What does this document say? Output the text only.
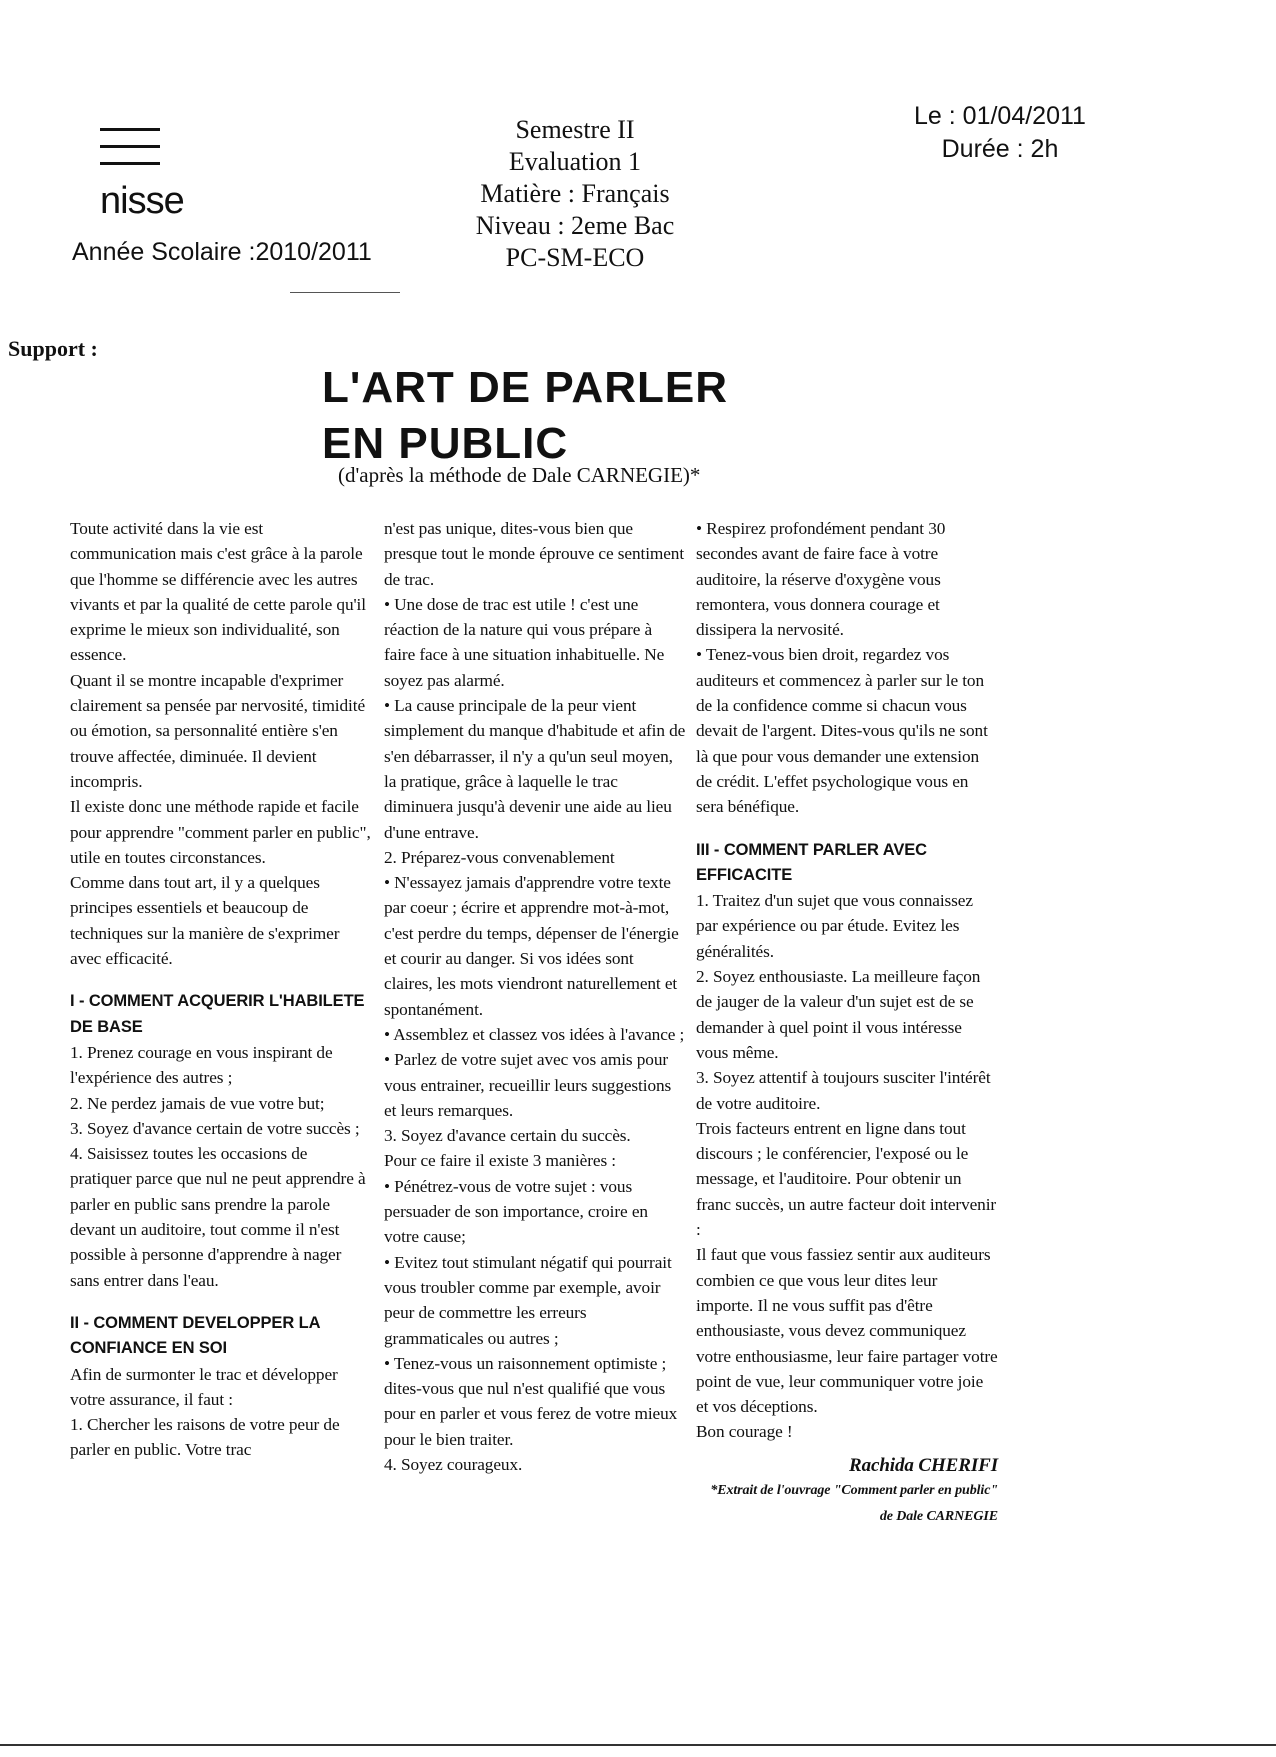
nisse
Année Scolaire :2010/2011
Semestre II
Evaluation 1
Matière : Français
Niveau : 2eme Bac
PC-SM-ECO
Le : 01/04/2011
Durée : 2h
Support :
L'ART DE PARLER
EN PUBLIC
(d'après la méthode de Dale CARNEGIE)*

Toute activité dans la vie est communication mais c'est grâce à la parole que l'homme se différencie avec les autres vivants et par la qualité de cette parole qu'il exprime le mieux son individualité, son essence.

Quant il se montre incapable d'exprimer clairement sa pensée par nervosité, timidité ou émotion, sa personnalité entière s'en trouve affectée, diminuée. Il devient incompris.

Il existe donc une méthode rapide et facile pour apprendre "comment parler en public", utile en toutes circonstances.

Comme dans tout art, il y a quelques principes essentiels et beaucoup de techniques sur la manière de s'exprimer avec efficacité.

I - COMMENT ACQUERIR L'HABILETE DE BASE

1. Prenez courage en vous inspirant de l'expérience des autres ;

2. Ne perdez jamais de vue votre but;

3. Soyez d'avance certain de votre succès ;

4. Saisissez toutes les occasions de pratiquer parce que nul ne peut apprendre à parler en public sans prendre la parole devant un auditoire, tout comme il n'est possible à personne d'apprendre à nager sans entrer dans l'eau.

II - COMMENT DEVELOPPER LA CONFIANCE EN SOI

Afin de surmonter le trac et développer votre assurance, il faut :

1. Chercher les raisons de votre peur de parler en public. Votre trac

n'est pas unique, dites-vous bien que presque tout le monde éprouve ce sentiment de trac.

• Une dose de trac est utile ! c'est une réaction de la nature qui vous prépare à faire face à une situation inhabituelle. Ne soyez pas alarmé.

• La cause principale de la peur vient simplement du manque d'habitude et afin de s'en débarrasser, il n'y a qu'un seul moyen, la pratique, grâce à laquelle le trac diminuera jusqu'à devenir une aide au lieu d'une entrave.

2. Préparez-vous convenablement

• N'essayez jamais d'apprendre votre texte par coeur ; écrire et apprendre mot-à-mot, c'est perdre du temps, dépenser de l'énergie et courir au danger. Si vos idées sont claires, les mots viendront naturellement et spontanément.

• Assemblez et classez vos idées à l'avance ;

• Parlez de votre sujet avec vos amis pour vous entrainer, recueillir leurs suggestions et leurs remarques.

3. Soyez d'avance certain du succès.

Pour ce faire il existe 3 manières :

• Pénétrez-vous de votre sujet : vous persuader de son importance, croire en votre cause;

• Evitez tout stimulant négatif qui pourrait vous troubler comme par exemple, avoir peur de commettre les erreurs grammaticales ou autres ;

• Tenez-vous un raisonnement optimiste ; dites-vous que nul n'est qualifié que vous pour en parler et vous ferez de votre mieux pour le bien traiter.

4. Soyez courageux.

• Respirez profondément pendant 30 secondes avant de faire face à votre auditoire, la réserve d'oxygène vous remontera, vous donnera courage et dissipera la nervosité.

• Tenez-vous bien droit, regardez vos auditeurs et commencez à parler sur le ton de la confidence comme si chacun vous devait de l'argent. Dites-vous qu'ils ne sont là que pour vous demander une extension de crédit. L'effet psychologique vous en sera bénéfique.

III - COMMENT PARLER AVEC EFFICACITE

1. Traitez d'un sujet que vous connaissez par expérience ou par étude. Evitez les généralités.

2. Soyez enthousiaste. La meilleure façon de jauger de la valeur d'un sujet est de se demander à quel point il vous intéresse vous même.

3. Soyez attentif à toujours susciter l'intérêt de votre auditoire.

Trois facteurs entrent en ligne dans tout discours ; le conférencier, l'exposé ou le message, et l'auditoire. Pour obtenir un franc succès, un autre facteur doit intervenir :

Il faut que vous fassiez sentir aux auditeurs combien ce que vous leur dites leur importe. Il ne vous suffit pas d'être enthousiaste, vous devez communiquez votre enthousiasme, leur faire partager votre point de vue, leur communiquer votre joie et vos déceptions.

Bon courage !

Rachida CHERIFI
*Extrait de l'ouvrage "Comment parler en public" de Dale CARNEGIE
